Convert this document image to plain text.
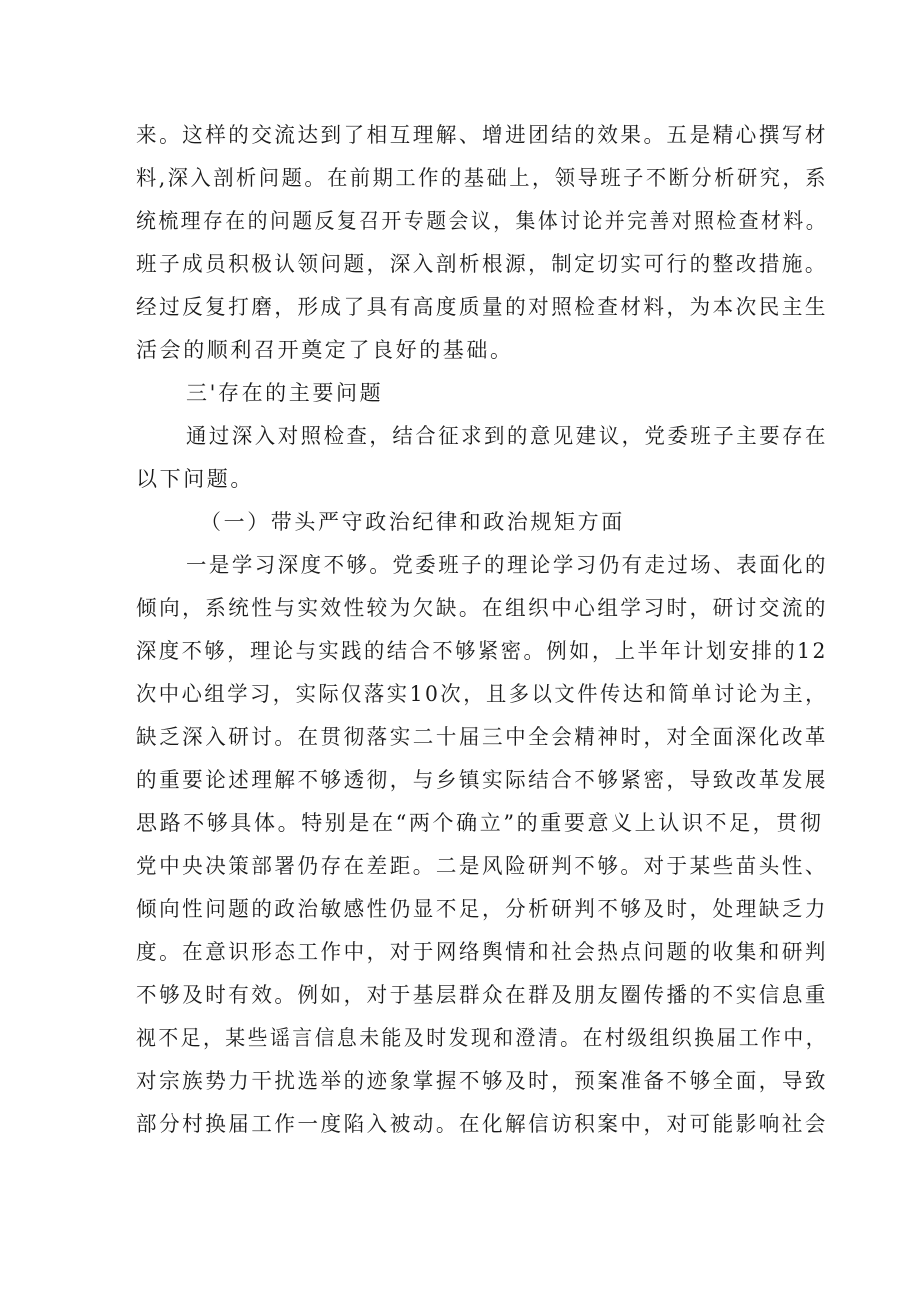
来。这样的交流达到了相互理解、增进团结的效果。五是精心撰写材
料,深入剖析问题。在前期工作的基础上，领导班子不断分析研究，系
统梳理存在的问题反复召开专题会议，集体讨论并完善对照检查材料。
班子成员积极认领问题，深入剖析根源，制定切实可行的整改措施。
经过反复打磨，形成了具有高度质量的对照检查材料，为本次民主生
活会的顺利召开奠定了良好的基础。
三'存在的主要问题
通过深入对照检查，结合征求到的意见建议，党委班子主要存在
以下问题。
（一）带头严守政治纪律和政治规矩方面
一是学习深度不够。党委班子的理论学习仍有走过场、表面化的
倾向，系统性与实效性较为欠缺。在组织中心组学习时，研讨交流的
深度不够，理论与实践的结合不够紧密。例如，上半年计划安排的12
次中心组学习，实际仅落实10次，且多以文件传达和简单讨论为主，
缺乏深入研讨。在贯彻落实二十届三中全会精神时，对全面深化改革
的重要论述理解不够透彻，与乡镇实际结合不够紧密，导致改革发展
思路不够具体。特别是在“两个确立”的重要意义上认识不足，贯彻
党中央决策部署仍存在差距。二是风险研判不够。对于某些苗头性、
倾向性问题的政治敏感性仍显不足，分析研判不够及时，处理缺乏力
度。在意识形态工作中，对于网络舆情和社会热点问题的收集和研判
不够及时有效。例如，对于基层群众在群及朋友圈传播的不实信息重
视不足，某些谣言信息未能及时发现和澄清。在村级组织换届工作中，
对宗族势力干扰选举的迹象掌握不够及时，预案准备不够全面，导致
部分村换届工作一度陷入被动。在化解信访积案中，对可能影响社会
